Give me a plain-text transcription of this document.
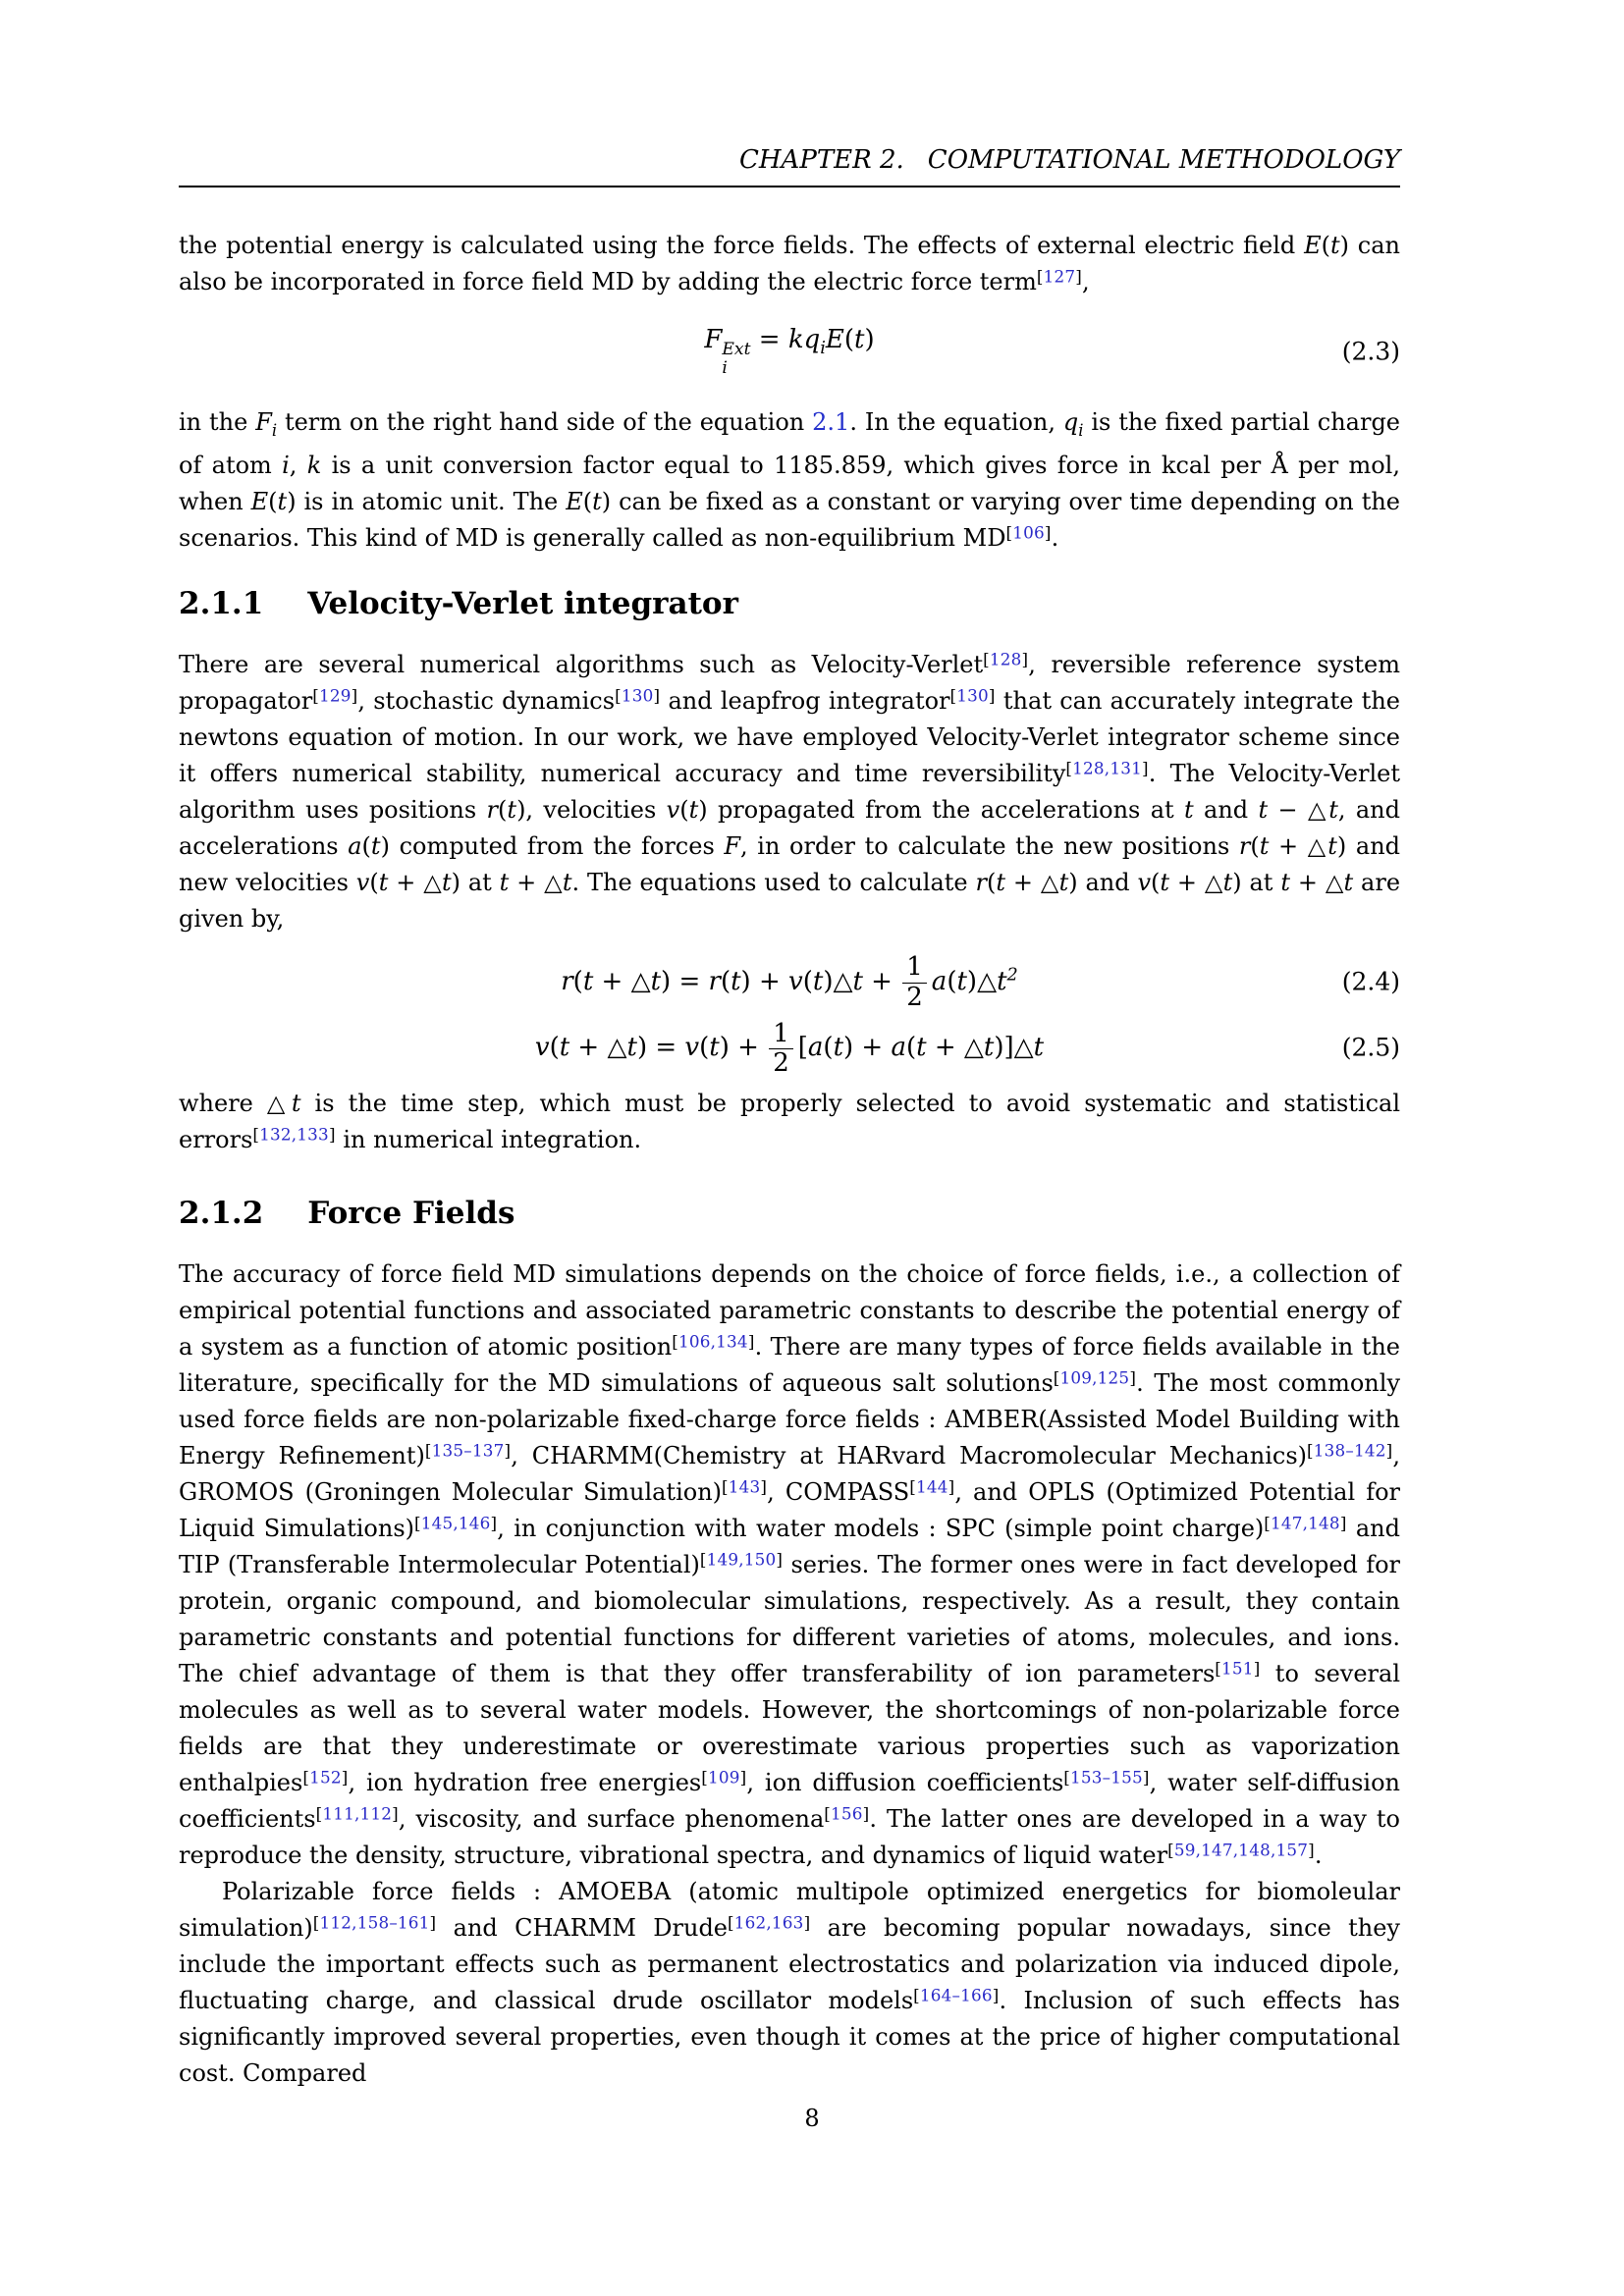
CHAPTER 2. COMPUTATIONAL METHODOLOGY

the potential energy is calculated using the force fields. The effects of external electric field E(t) can also be incorporated in force field MD by adding the electric force term[127],

F Ext
i
= $kq_iE(t)$	(2.3)

in the $F_i$ term on the right hand side of the equation 2.1. In the equation, $q_i$ is the fixed partial charge of atom i, k is a unit conversion factor equal to 1185.859, which gives force in kcal per Å per mol, when E(t) is in atomic unit. The E(t) can be fixed as a constant or varying over time depending on the scenarios. This kind of MD is generally called as non-equilibrium MD[106].

2.1.1 Velocity-Verlet integrator

There are several numerical algorithms such as Velocity-Verlet[128], reversible reference system propagator[129], stochastic dynamics[130] and leapfrog integrator[130] that can accurately integrate the newtons equation of motion. In our work, we have employed Velocity-Verlet integrator scheme since it offers numerical stability, numerical accuracy and time reversibility[128,131]. The Velocity-Verlet algorithm uses positions r(t), velocities v(t) propagated from the accelerations at t and t − △t, and accelerations a(t) computed from the forces F, in order to calculate the new positions r(t + △t) and new velocities v(t + △t) at t + △t. The equations used to calculate r(t + △t) and v(t + △t) at t + △t are given by,

r(t + △t) = r(t) + v(t)△t + $\frac{1}{2}$ $a(t)\triangle t^2$	(2.4)
v(t + △t) = $v(t) + \frac{1}{2} [a(t) + a(t$ + △t)]△t	(2.5)

where △t is the time step, which must be properly selected to avoid systematic and statistical errors[132,133] in numerical integration.

2.1.2 Force Fields

The accuracy of force field MD simulations depends on the choice of force fields, i.e., a collection of empirical potential functions and associated parametric constants to describe the potential energy of a system as a function of atomic position[106,134]. There are many types of force fields available in the literature, specifically for the MD simulations of aqueous salt solutions[109,125]. The most commonly used force fields are non-polarizable fixed-charge force fields : AMBER(Assisted Model Building with Energy Refinement)[135–137], CHARMM(Chemistry at HARvard Macromolecular Mechanics)[138–142], GROMOS (Groningen Molecular Simulation)[143], COMPASS[144], and OPLS (Optimized Potential for Liquid Simulations)[145,146], in conjunction with water models : SPC (simple point charge)[147,148] and TIP (Transferable Intermolecular Potential)[149,150] series. The former ones were in fact developed for protein, organic compound, and biomolecular simulations, respectively. As a result, they contain parametric constants and potential functions for different varieties of atoms, molecules, and ions. The chief advantage of them is that they offer transferability of ion parameters[151] to several molecules as well as to several water models. However, the shortcomings of non-polarizable force fields are that they underestimate or overestimate various properties such as vaporization enthalpies[152], ion hydration free energies[109], ion diffusion coefficients[153–155], water self-diffusion coefficients[111,112], viscosity, and surface phenomena[156]. The latter ones are developed in a way to reproduce the density, structure, vibrational spectra, and dynamics of liquid water[59,147,148,157].

Polarizable force fields : AMOEBA (atomic multipole optimized energetics for biomoleular simulation)[112,158–161] and CHARMM Drude[162,163] are becoming popular nowadays, since they include the important effects such as permanent electrostatics and polarization via induced dipole, fluctuating charge, and classical drude oscillator models[164–166]. Inclusion of such effects has significantly improved several properties, even though it comes at the price of higher computational cost. Compared

8
